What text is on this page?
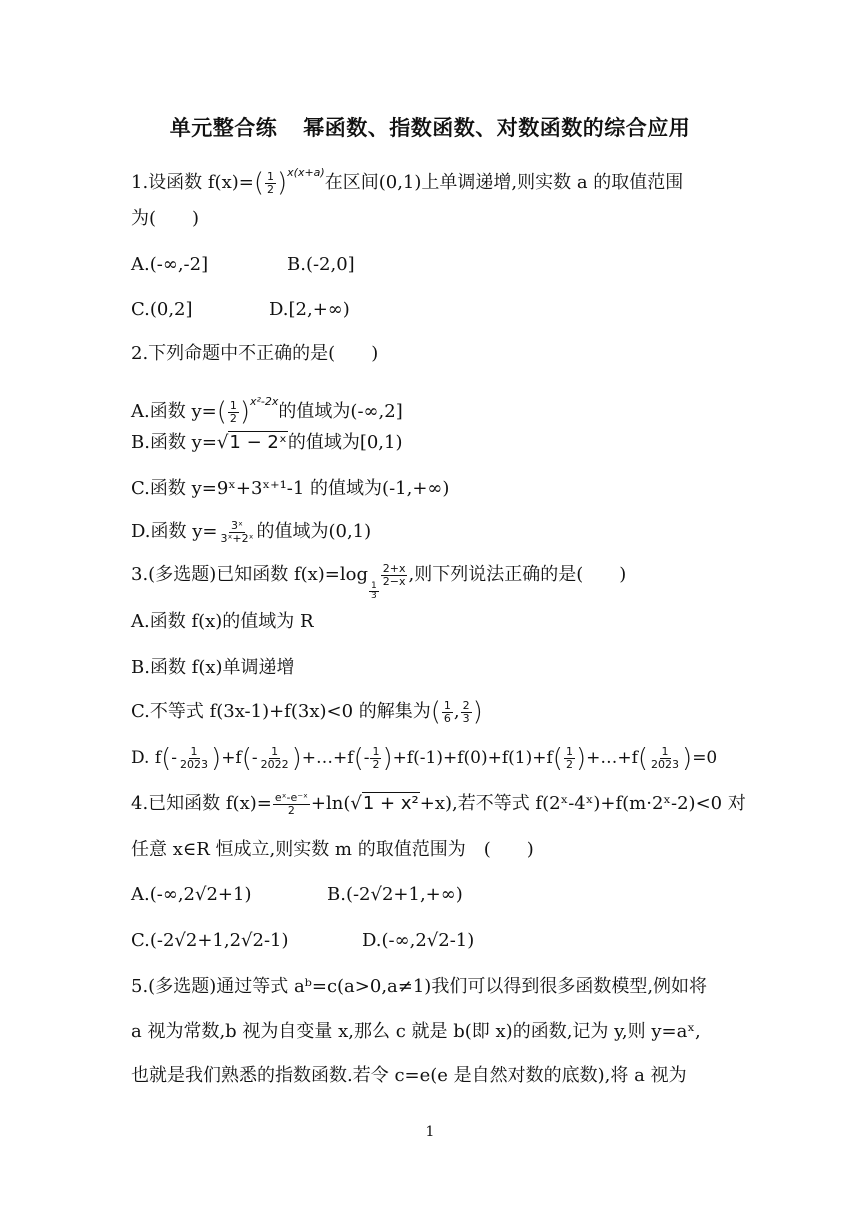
单元整合练 幂函数、指数函数、对数函数的综合应用
1.设函数 $f(x)=( \frac{1}{2} )^{x(x+a)}$在区间(0,1)上单调递增,则实数 a 的取值范围
为(　　)
A.(-∞,-2]	B.(-2,0]
C.(0,2]	D.[2,+∞)
2.下列命题中不正确的是(　　)
A.函数 $y=( \frac{1}{2} )^{x^2-2x}$的值域为(-∞,2]
B.函数 y=√1 − 2ˣ的值域为[0,1)
C.函数 y=9ˣ+3ˣ⁺¹-1 的值域为(-1,+∞)
D.函数 $y= \frac{\text{3ˣ}}{\text{3ˣ+2ˣ}}$ 的值域为(0,1)
3.(多选题)已知函数 f(x)=log
$\frac{1}{3}$
$\frac{2+x}{2-x}$ ,则下列说法正确的是(　　)
A.函数 f(x)的值域为 R
B.函数 f(x)单调递增
C.不等式 f(3x-1)+f(3x)<0 的解集为( $\frac{1}{6}$ , $\frac{2}{3}$ )
D. $f(- \frac{1}{2023} )+f(- \frac{1}{2022}$ )+…+f(- $\frac{1}{2} )+f(-1)+f(0)+f(1)+f( \frac{1}{2}$ )+…+f( $\frac{1}{2023} )=0$
4.已知函数 $f(x)= \frac{\text{eˣ-e⁻ˣ}}{2} +\ln(√1 + x^2+x)$,若不等式 f(2ˣ-4ˣ)+f(m·2ˣ-2)<0 对
任意 x∈R 恒成立,则实数 m 的取值范围为　(　　)
A.(-∞,2√2+1)	B.(-2√2+1,+∞)
C.(-2√2+1,2√2-1)	D.(-∞,2√2-1)
5.(多选题)通过等式 aᵇ=c(a>0,a≠1)我们可以得到很多函数模型,例如将
a 视为常数,b 视为自变量 x,那么 c 就是 b(即 x)的函数,记为 y,则 y=aˣ,
也就是我们熟悉的指数函数.若令 c=e(e 是自然对数的底数),将 a 视为
1
